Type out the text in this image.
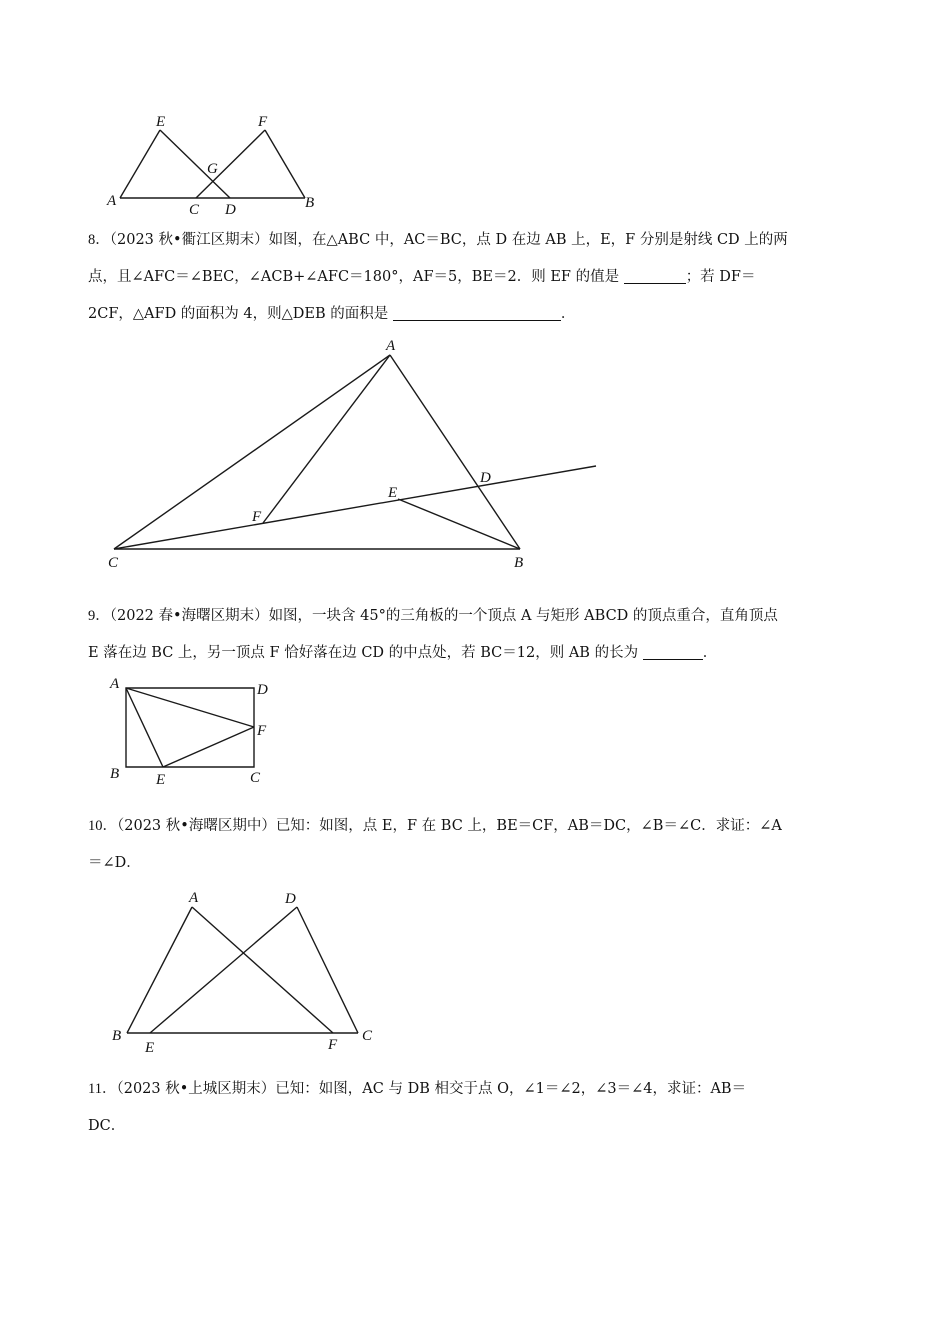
E	F
G
A
C D	B
8．（2023 秋•衢江区期末）如图，在△ABC 中，AC＝BC，点 D 在边 AB 上，E，F 分别是射线 CD 上的两
点，且∠AFC＝∠BEC，∠ACB+∠AFC＝180°，AF＝5，BE＝2．则 EF 的值是	；若 DF＝
2CF，△AFD 的面积为 4，则△DEB 的面积是	．
A
D
E
F
C	B
9．（2022 春•海曙区期末）如图，一块含 45°的三角板的一个顶点 A 与矩形 ABCD 的顶点重合，直角顶点
E 落在边 BC 上，另一顶点 F 恰好落在边 CD 的中点处，若 BC＝12，则 AB 的长为	．
A	D
F
B E	C
10．（2023 秋•海曙区期中）已知：如图，点 E，F 在 BC 上，BE＝CF，AB＝DC，∠B＝∠C．求证：∠A
＝∠D．
A	D
B
E	F
C
11．（2023 秋•上城区期末）已知：如图，AC 与 DB 相交于点 O，∠1＝∠2，∠3＝∠4，求证：AB＝
DC．
